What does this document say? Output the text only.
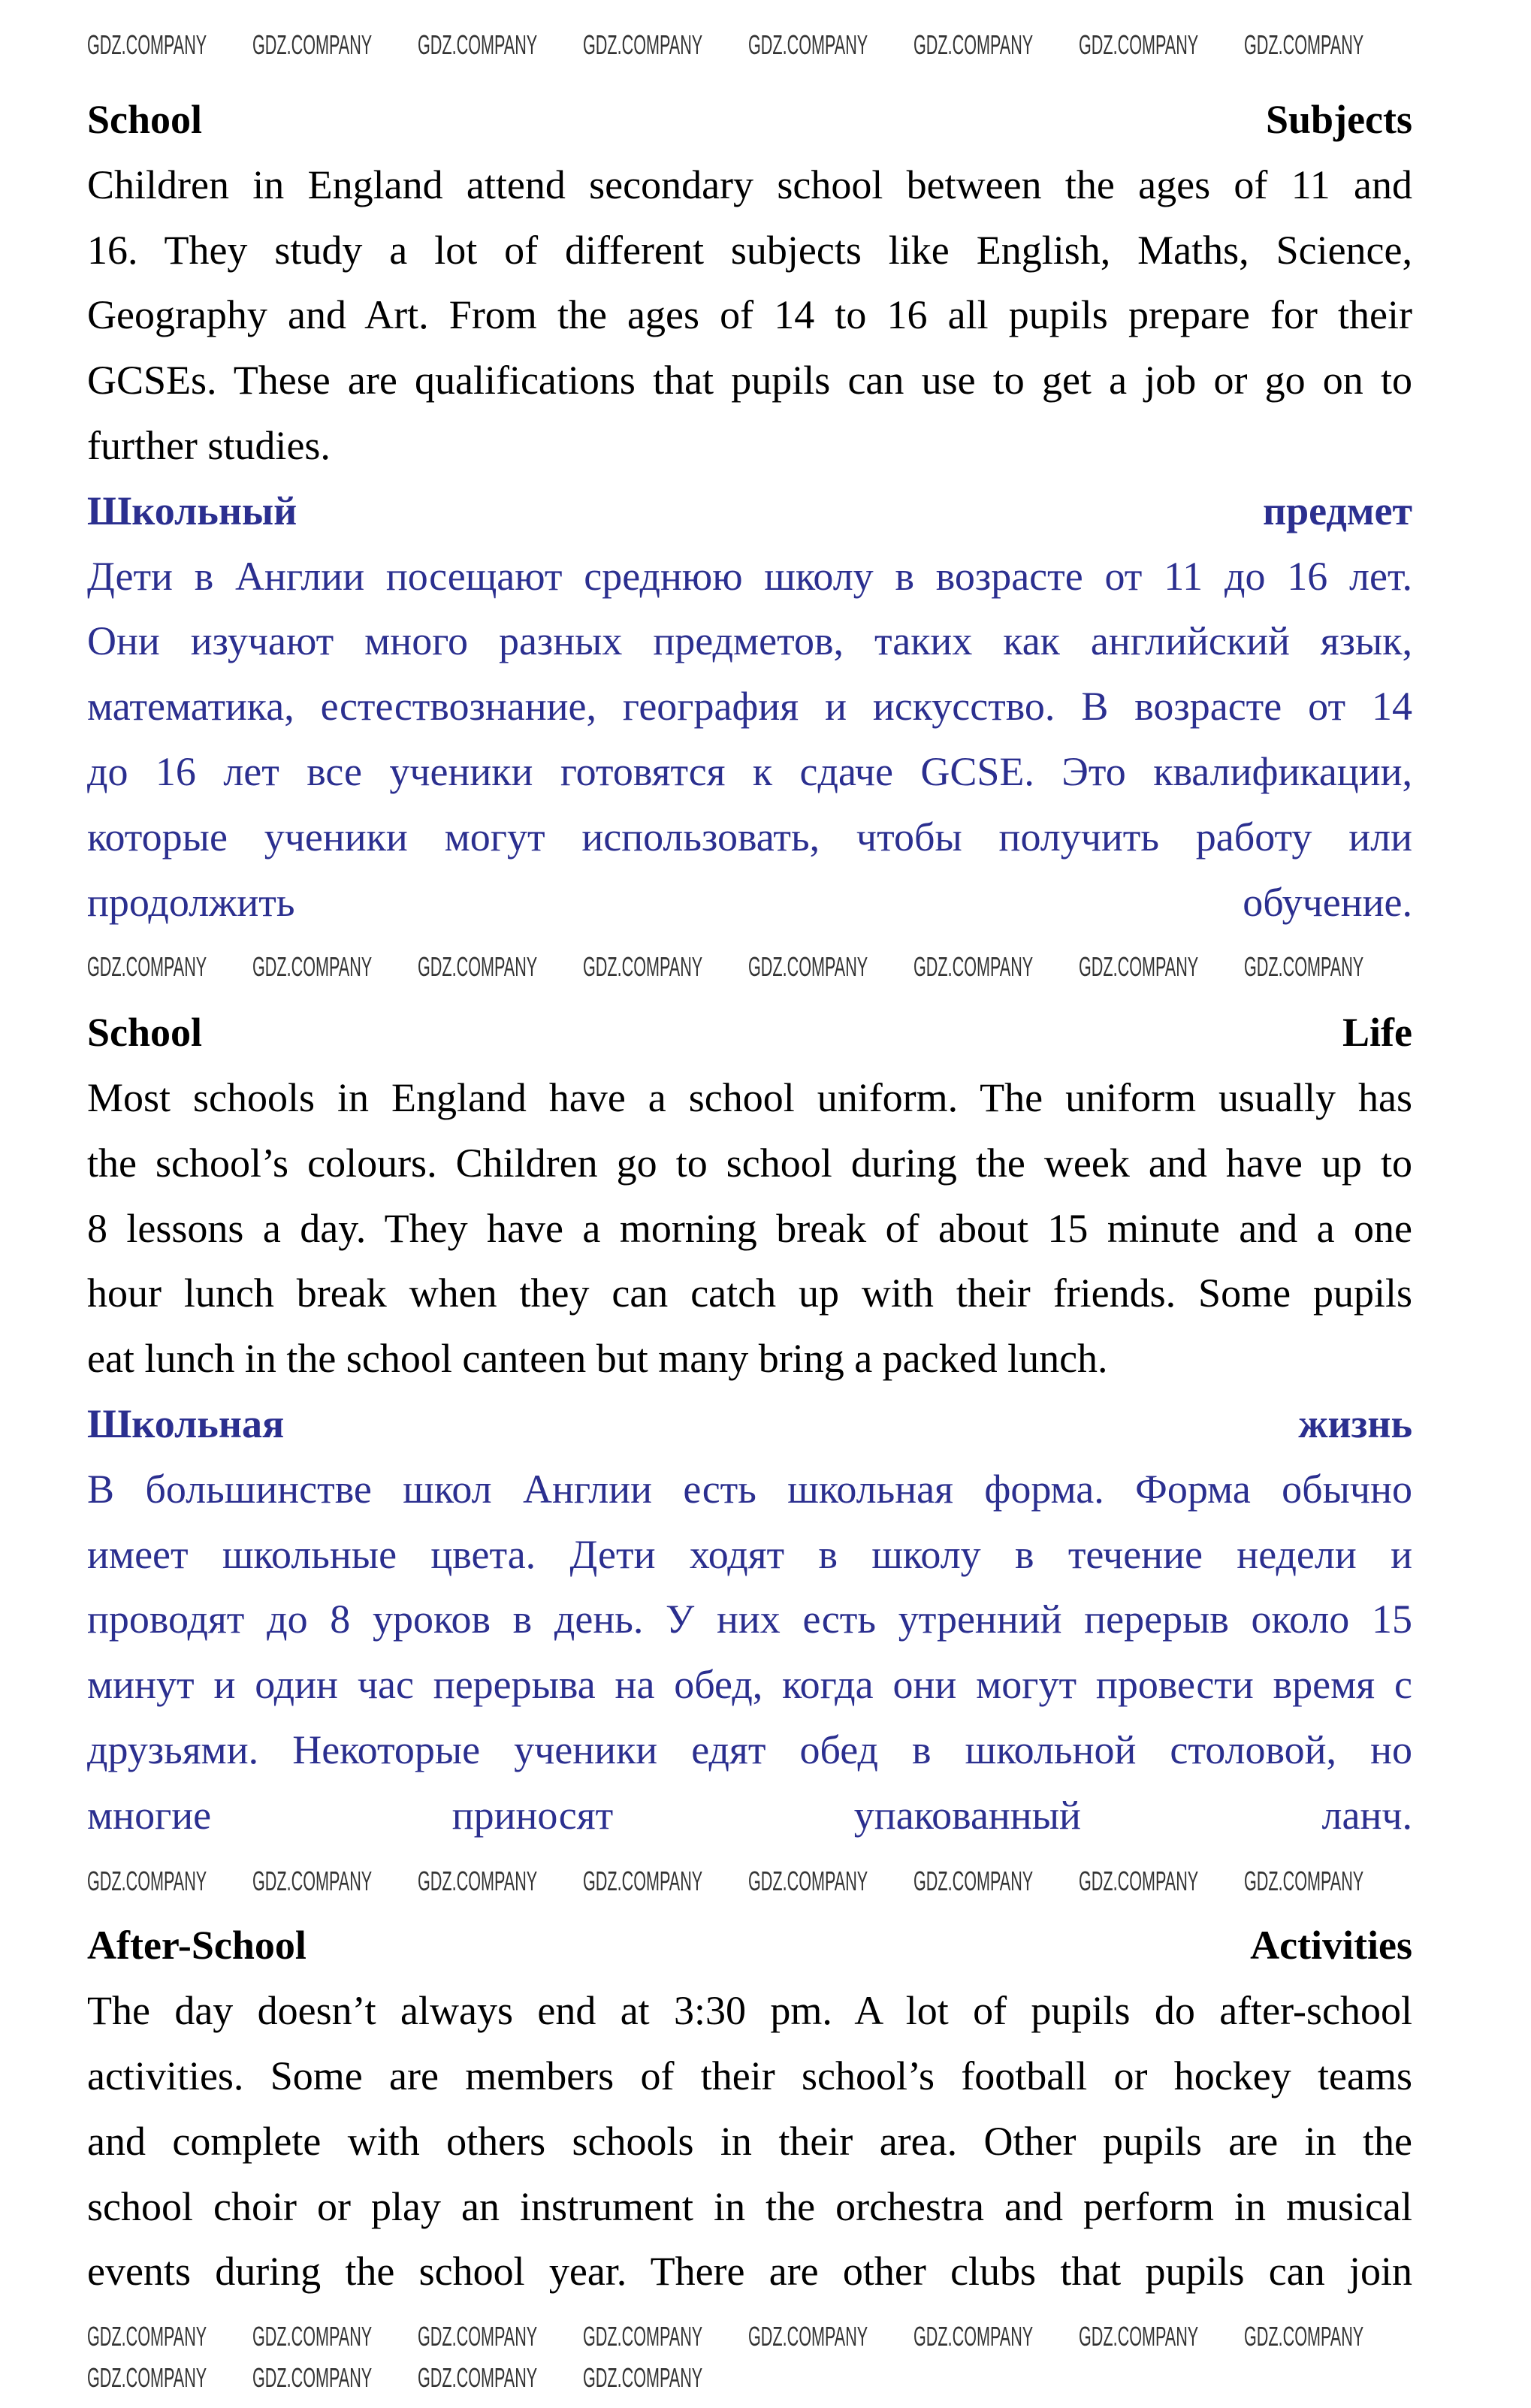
School	Subjects
Children in England attend secondary school between the ages of 11 and
16. They study a lot of different subjects like English, Maths, Science,
Geography and Art. From the ages of 14 to 16 all pupils prepare for their
GCSEs. These are qualifications that pupils can use to get a job or go on to
further studies.
Школьный	предмет
Дети в Англии посещают среднюю школу в возрасте от 11 до 16 лет.
Они изучают много разных предметов, таких как английский язык,
математика, естествознание, география и искусство. В возрасте от 14
до 16 лет все ученики готовятся к сдаче GCSE. Это квалификации,
которые ученики могут использовать, чтобы получить работу или
продолжить обучение.
School	Life
Most schools in England have a school uniform. The uniform usually has
the school’s colours. Children go to school during the week and have up to
8 lessons a day. They have a morning break of about 15 minute and a one
hour lunch break when they can catch up with their friends. Some pupils
eat lunch in the school canteen but many bring a packed lunch.
Школьная	жизнь
В большинстве школ Англии есть школьная форма. Форма обычно
имеет школьные цвета. Дети ходят в школу в течение недели и
проводят до 8 уроков в день. У них есть утренний перерыв около 15
минут и один час перерыва на обед, когда они могут провести время с
друзьями. Некоторые ученики едят обед в школьной столовой, но
многие приносят упакованный ланч.
After-School	Activities
The day doesn’t always end at 3:30 pm. A lot of pupils do after-school
activities. Some are members of their school’s football or hockey teams
and complete with others schools in their area. Other pupils are in the
school choir or play an instrument in the orchestra and perform in musical
events during the school year. There are other clubs that pupils can join
GDZ.COMPANY GDZ.COMPANY GDZ.COMPANY GDZ.COMPANY GDZ.COMPANY GDZ.COMPANY GDZ.COMPANY GDZ.COMPANY
GDZ.COMPANY GDZ.COMPANY GDZ.COMPANY GDZ.COMPANY GDZ.COMPANY GDZ.COMPANY GDZ.COMPANY GDZ.COMPANY
GDZ.COMPANY GDZ.COMPANY GDZ.COMPANY GDZ.COMPANY GDZ.COMPANY GDZ.COMPANY GDZ.COMPANY GDZ.COMPANY
GDZ.COMPANY GDZ.COMPANY GDZ.COMPANY GDZ.COMPANY GDZ.COMPANY GDZ.COMPANY GDZ.COMPANY GDZ.COMPANY
GDZ.COMPANY GDZ.COMPANY GDZ.COMPANY GDZ.COMPANY
